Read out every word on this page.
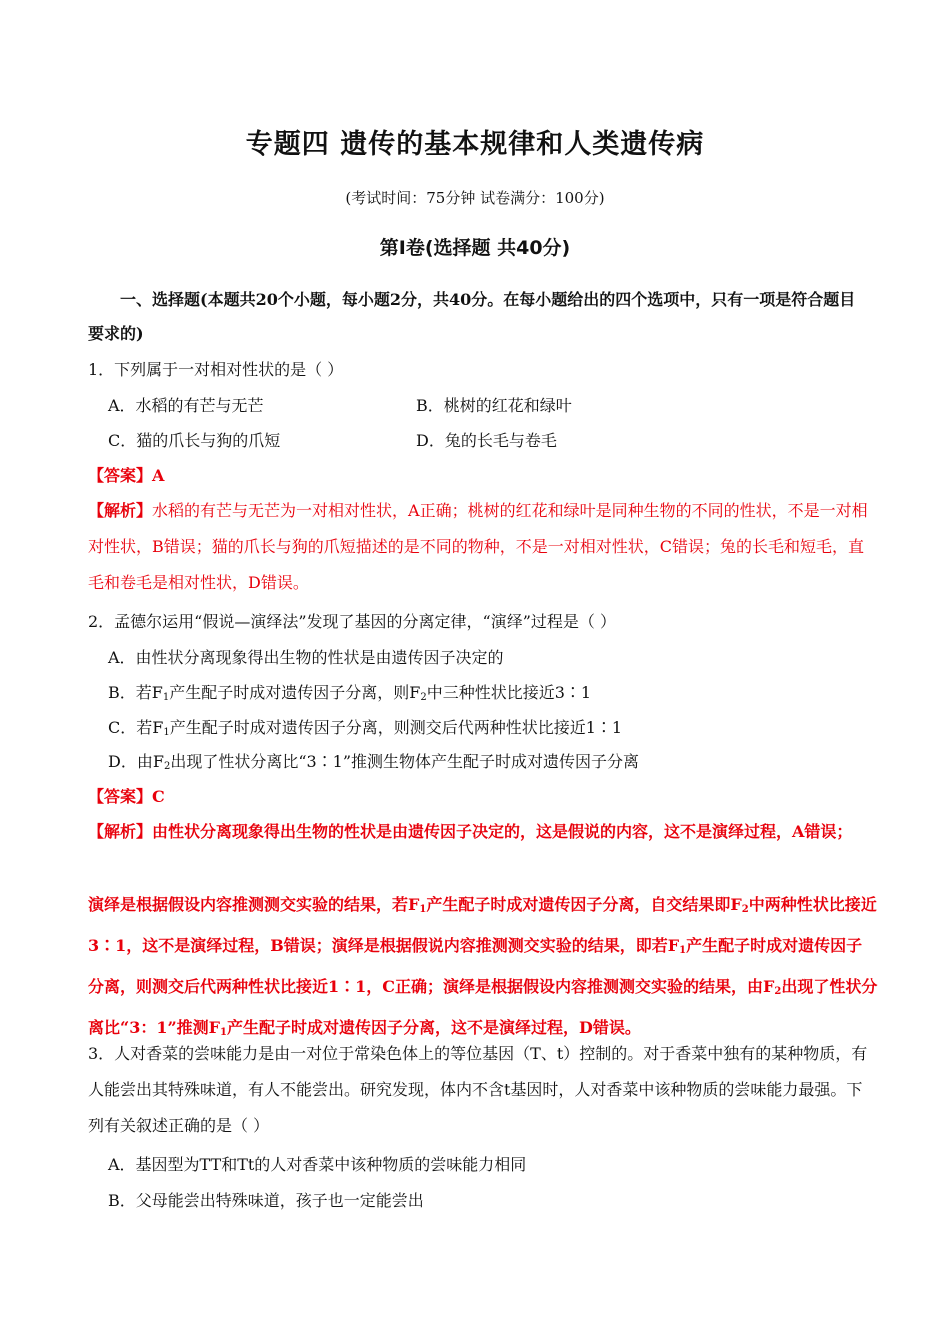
专题四 遗传的基本规律和人类遗传病
(考试时间：75分钟 试卷满分：100分)
第Ⅰ卷(选择题 共40分)
一、选择题(本题共20个小题，每小题2分，共40分。在每小题给出的四个选项中，只有一项是符合题目要求的)
1．下列属于一对相对性状的是（ ）
A．水稻的有芒与无芒	B．桃树的红花和绿叶
C．猫的爪长与狗的爪短	D．兔的长毛与卷毛
【答案】A
【解析】水稻的有芒与无芒为一对相对性状，A正确；桃树的红花和绿叶是同种生物的不同的性状，不是一对相对性状，B错误；猫的爪长与狗的爪短描述的是不同的物种，不是一对相对性状，C错误；兔的长毛和短毛，直毛和卷毛是相对性状，D错误。
2．孟德尔运用“假说—演绎法”发现了基因的分离定律，“演绎”过程是（ ）
A．由性状分离现象得出生物的性状是由遗传因子决定的
B．若$F_1$产生配子时成对遗传因子分离，则$F_2$中三种性状比接近3∶1
C．若$F_1$产生配子时成对遗传因子分离，则测交后代两种性状比接近1∶1
D．由$F_2$出现了性状分离比“3∶1”推测生物体产生配子时成对遗传因子分离
【答案】C
【解析】由性状分离现象得出生物的性状是由遗传因子决定的，这是假说的内容，这不是演绎过程，A错误；
演绎是根据假设内容推测测交实验的结果，若$F_1$产生配子时成对遗传因子分离，自交结果即$F_2$中两种性状比接近3∶1，这不是演绎过程，B错误；演绎是根据假说内容推测测交实验的结果，即若$F_1$产生配子时成对遗传因子分离，则测交后代两种性状比接近1∶1，C正确；演绎是根据假设内容推测测交实验的结果，由$F_2$出现了性状分离比“3：1”推测$F_1$产生配子时成对遗传因子分离，这不是演绎过程，D错误。
3．人对香菜的尝味能力是由一对位于常染色体上的等位基因（T、t）控制的。对于香菜中独有的某种物质，有人能尝出其特殊味道，有人不能尝出。研究发现，体内不含t基因时，人对香菜中该种物质的尝味能力最强。下列有关叙述正确的是（ ）
A．基因型为TT和Tt的人对香菜中该种物质的尝味能力相同
B．父母能尝出特殊味道，孩子也一定能尝出
